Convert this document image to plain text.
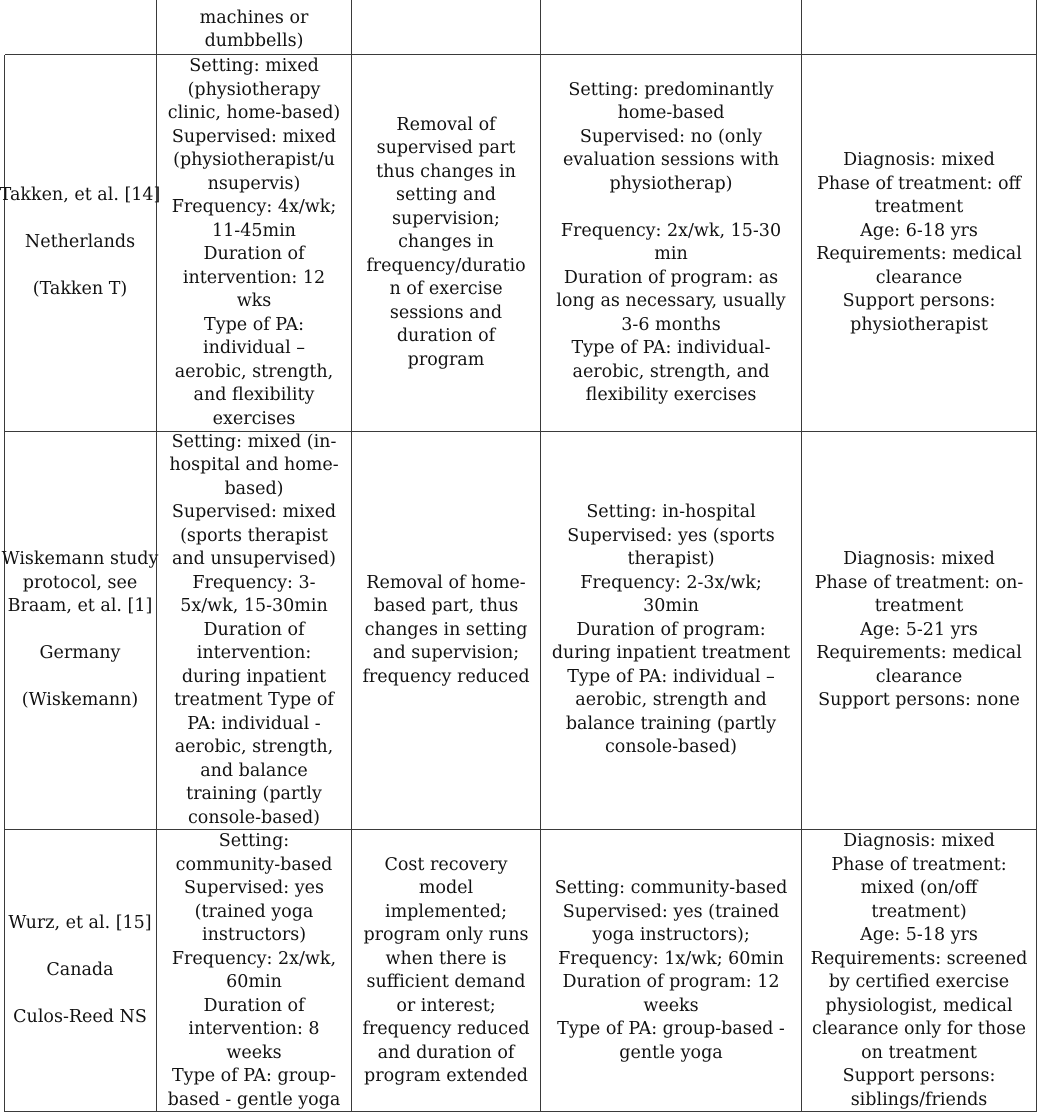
machines or
dumbbells)
Takken, et al. [14]
Netherlands
(Takken T)
Setting: mixed
(physiotherapy
clinic, home-based)
Supervised: mixed
(physiotherapist/u
nsupervis)
Frequency: 4x/wk;
11-45min
Duration of
intervention: 12
wks
Type of PA:
individual –
aerobic, strength,
and flexibility
exercises
Removal of
supervised part
thus changes in
setting and
supervision;
changes in
frequency/duratio
n of exercise
sessions and
duration of
program
Setting: predominantly
home-based
Supervised: no (only
evaluation sessions with
physiotherap)
Frequency: 2x/wk, 15-30
min
Duration of program: as
long as necessary, usually
3-6 months
Type of PA: individual-
aerobic, strength, and
flexibility exercises
Diagnosis: mixed
Phase of treatment: off
treatment
Age: 6-18 yrs
Requirements: medical
clearance
Support persons:
physiotherapist
Wiskemann study
protocol, see
Braam, et al. [1]
Germany
(Wiskemann)
Setting: mixed (in-
hospital and home-
based)
Supervised: mixed
(sports therapist
and unsupervised)
Frequency: 3-
5x/wk, 15-30min
Duration of
intervention:
during inpatient
treatment Type of
PA: individual -
aerobic, strength,
and balance
training (partly
console-based)
Removal of home-
based part, thus
changes in setting
and supervision;
frequency reduced
Setting: in-hospital
Supervised: yes (sports
therapist)
Frequency: 2-3x/wk;
30min
Duration of program:
during inpatient treatment
Type of PA: individual –
aerobic, strength and
balance training (partly
console-based)
Diagnosis: mixed
Phase of treatment: on-
treatment
Age: 5-21 yrs
Requirements: medical
clearance
Support persons: none
Wurz, et al. [15]
Canada
Culos-Reed NS
Setting:
community-based
Supervised: yes
(trained yoga
instructors)
Frequency: 2x/wk,
60min
Duration of
intervention: 8
weeks
Type of PA: group-
based - gentle yoga
Cost recovery
model
implemented;
program only runs
when there is
sufficient demand
or interest;
frequency reduced
and duration of
program extended
Setting: community-based
Supervised: yes (trained
yoga instructors);
Frequency: 1x/wk; 60min
Duration of program: 12
weeks
Type of PA: group-based -
gentle yoga
Diagnosis: mixed
Phase of treatment:
mixed (on/off
treatment)
Age: 5-18 yrs
Requirements: screened
by certified exercise
physiologist, medical
clearance only for those
on treatment
Support persons:
siblings/friends
